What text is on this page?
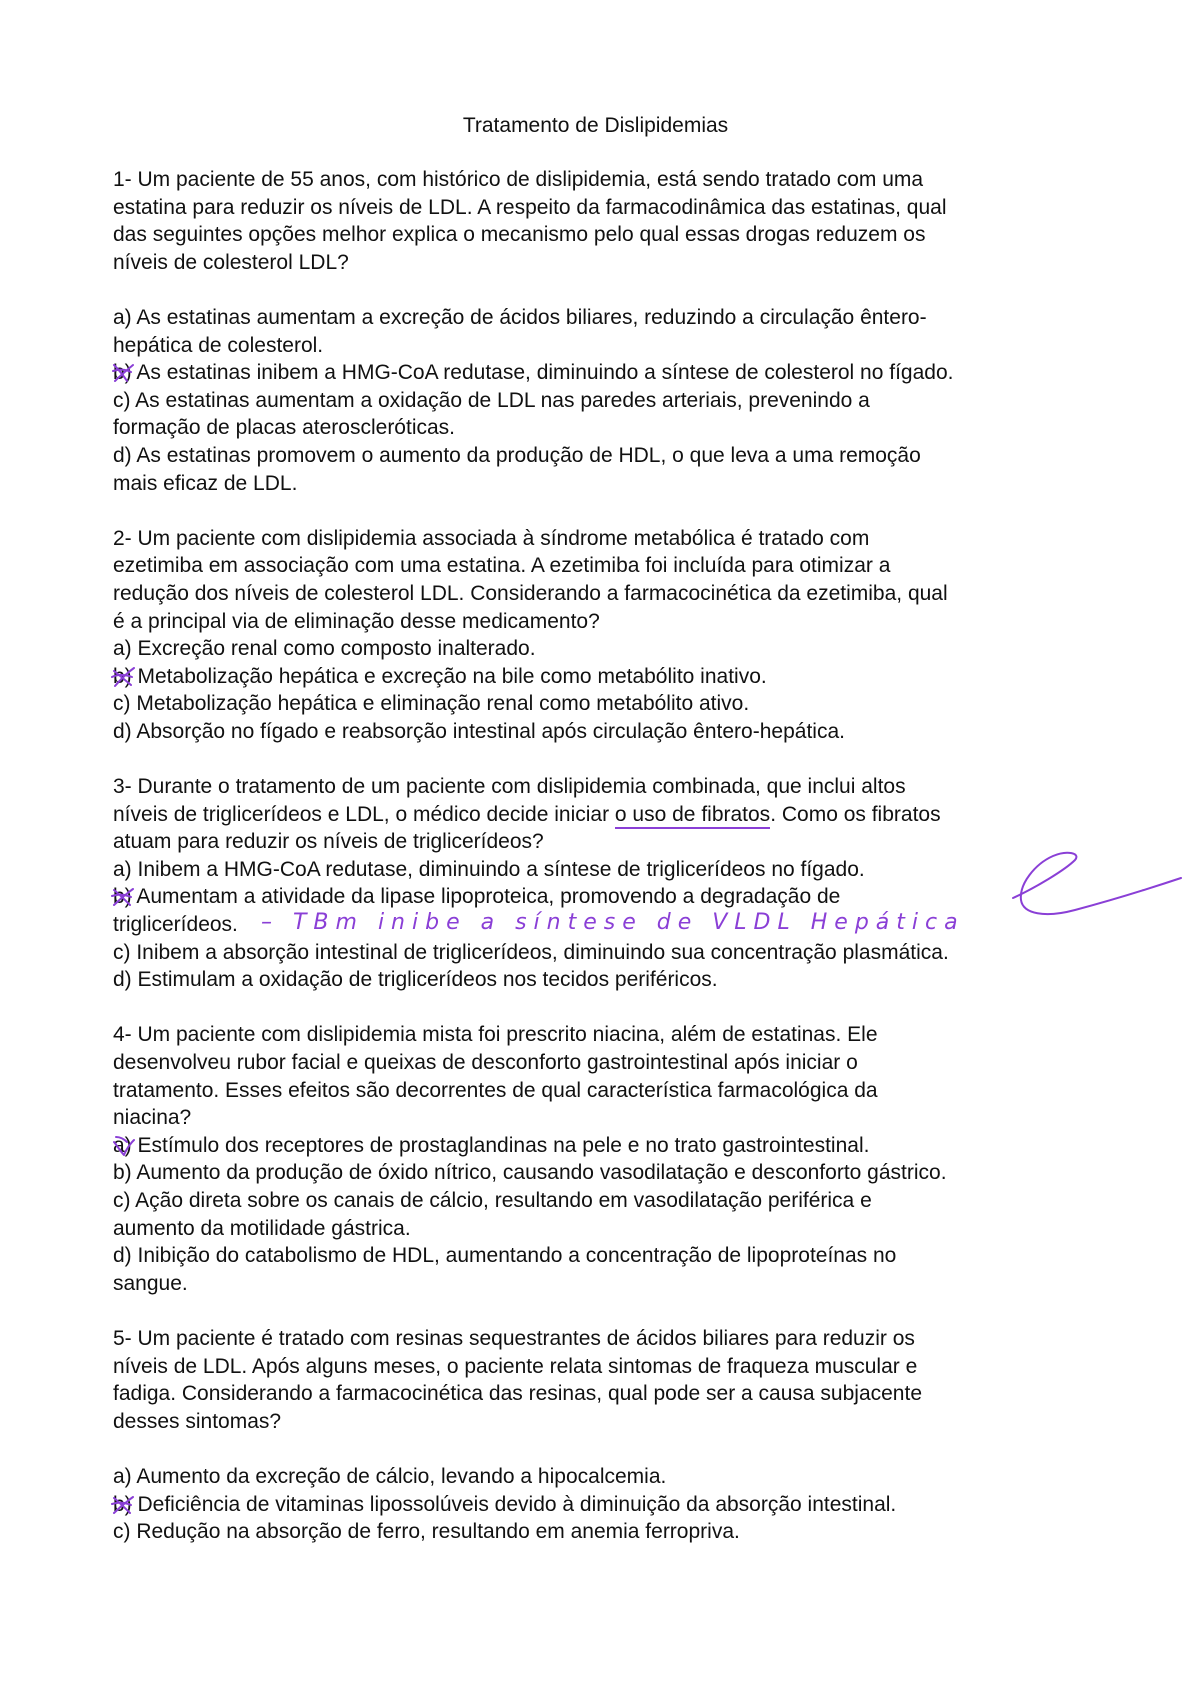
Tratamento de Dislipidemias
1- Um paciente de 55 anos, com histórico de dislipidemia, está sendo tratado com uma
estatina para reduzir os níveis de LDL. A respeito da farmacodinâmica das estatinas, qual
das seguintes opções melhor explica o mecanismo pelo qual essas drogas reduzem os
níveis de colesterol LDL?
a) As estatinas aumentam a excreção de ácidos biliares, reduzindo a circulação êntero-
hepática de colesterol.
b) As estatinas inibem a HMG-CoA redutase, diminuindo a síntese de colesterol no fígado.
c) As estatinas aumentam a oxidação de LDL nas paredes arteriais, prevenindo a
formação de placas ateroscleróticas.
d) As estatinas promovem o aumento da produção de HDL, o que leva a uma remoção
mais eficaz de LDL.
2- Um paciente com dislipidemia associada à síndrome metabólica é tratado com
ezetimiba em associação com uma estatina. A ezetimiba foi incluída para otimizar a
redução dos níveis de colesterol LDL. Considerando a farmacocinética da ezetimiba, qual
é a principal via de eliminação desse medicamento?
a) Excreção renal como composto inalterado.
b) Metabolização hepática e excreção na bile como metabólito inativo.
c) Metabolização hepática e eliminação renal como metabólito ativo.
d) Absorção no fígado e reabsorção intestinal após circulação êntero-hepática.
3- Durante o tratamento de um paciente com dislipidemia combinada, que inclui altos
níveis de triglicerídeos e LDL, o médico decide iniciar o uso de fibratos. Como os fibratos
atuam para reduzir os níveis de triglicerídeos?
a) Inibem a HMG-CoA redutase, diminuindo a síntese de triglicerídeos no fígado.
b) Aumentam a atividade da lipase lipoproteica, promovendo a degradação de
triglicerídeos.	– TBm inibe a síntese de VLDL Hepática
c) Inibem a absorção intestinal de triglicerídeos, diminuindo sua concentração plasmática.
d) Estimulam a oxidação de triglicerídeos nos tecidos periféricos.
4- Um paciente com dislipidemia mista foi prescrito niacina, além de estatinas. Ele
desenvolveu rubor facial e queixas de desconforto gastrointestinal após iniciar o
tratamento. Esses efeitos são decorrentes de qual característica farmacológica da
niacina?
a) Estímulo dos receptores de prostaglandinas na pele e no trato gastrointestinal.
b) Aumento da produção de óxido nítrico, causando vasodilatação e desconforto gástrico.
c) Ação direta sobre os canais de cálcio, resultando em vasodilatação periférica e
aumento da motilidade gástrica.
d) Inibição do catabolismo de HDL, aumentando a concentração de lipoproteínas no
sangue.
5- Um paciente é tratado com resinas sequestrantes de ácidos biliares para reduzir os
níveis de LDL. Após alguns meses, o paciente relata sintomas de fraqueza muscular e
fadiga. Considerando a farmacocinética das resinas, qual pode ser a causa subjacente
desses sintomas?
a) Aumento da excreção de cálcio, levando a hipocalcemia.
b) Deficiência de vitaminas lipossolúveis devido à diminuição da absorção intestinal.
c) Redução na absorção de ferro, resultando em anemia ferropriva.
